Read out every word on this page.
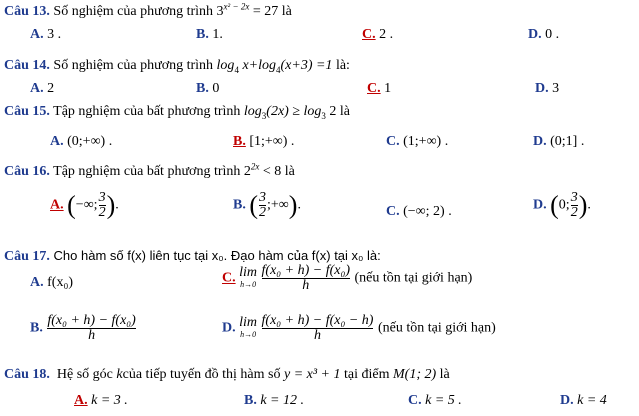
Câu 13. Số nghiệm của phương trình $3^{x^2 - 2x} = 27$ là
A. 3 .	B. 1.	C. 2 .	D. 0 .
Câu 14. Số nghiệm của phương trình $\log_4 x+\log_4(x+3) =1$ là:
A. 2	B. 0	C. 1	D. 3
Câu 15. Tập nghiệm của bất phương trình $\log_3(2x) \ge \log_3 2$ là
A. (0;+∞) .	B. [1;+∞) .	C. (1;+∞) .	D. (0;1] .
Câu 16. Tập nghiệm của bất phương trình $2^{2x} < 8$ là
A. (−∞; $\frac{3}{2}$ ).	B. ( $\frac{3}{2}$ ;+∞).	C. (−∞; 2) .	D. (0; $\frac{3}{2}$ ).
Câu 17. Cho hàm số f(x) liên tục tại x₀. Đạo hàm của f(x) tại x₀ là:
A. f(x₀)	C. lim
h→0
$\frac{\text{f(x₀ + h) − f(x₀)}}{h}$ (nếu tồn tại giới hạn)
B. $\frac{\text{f(x₀ + h) − f(x₀)}}{h}$	D. lim
h→0
$\frac{\text{f(x₀ + h) − f(x₀ − h)}}{h}$ (nếu tồn tại giới hạn)
Câu 18. Hệ số góc kcủa tiếp tuyến đồ thị hàm số y = x³ + 1 tại điểm M(1; 2) là
A. k = 3 .	B. k = 12 .	C. k = 5 .	D. k = 4
